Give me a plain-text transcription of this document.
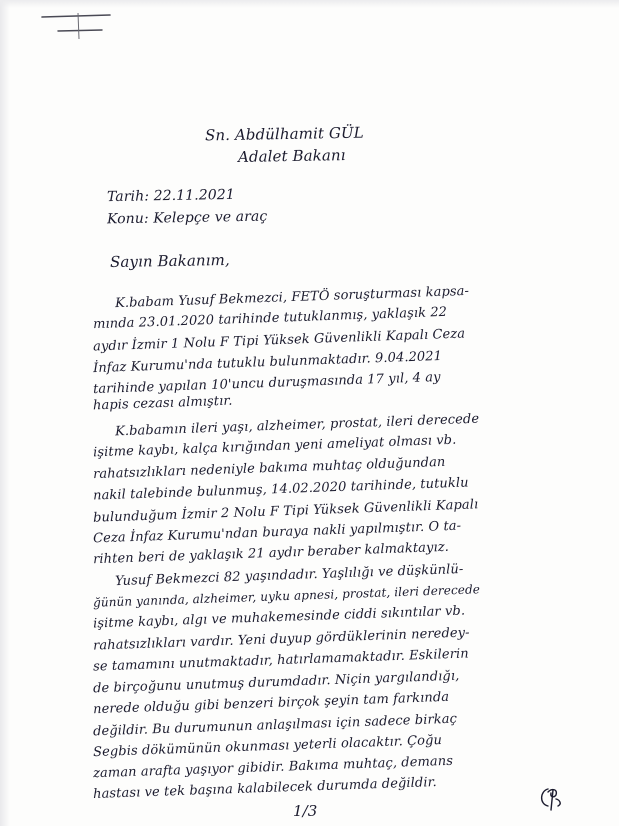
Sn. Abdülhamit GÜL
Adalet Bakanı
Tarih: 22.11.2021
Konu: Kelepçe ve araç
Sayın Bakanım,
K.babam Yusuf Bekmezci, FETÖ soruşturması kapsa-
mında 23.01.2020 tarihinde tutuklanmış, yaklaşık 22
aydır İzmir 1 Nolu F Tipi Yüksek Güvenlikli Kapalı Ceza
İnfaz Kurumu'nda tutuklu bulunmaktadır. 9.04.2021
tarihinde yapılan 10'uncu duruşmasında 17 yıl, 4 ay
hapis cezası almıştır.
K.babamın ileri yaşı, alzheimer, prostat, ileri derecede
işitme kaybı, kalça kırığından yeni ameliyat olması vb.
rahatsızlıkları nedeniyle bakıma muhtaç olduğundan
nakil talebinde bulunmuş, 14.02.2020 tarihinde, tutuklu
bulunduğum İzmir 2 Nolu F Tipi Yüksek Güvenlikli Kapalı
Ceza İnfaz Kurumu'ndan buraya nakli yapılmıştır. O ta-
rihten beri de yaklaşık 21 aydır beraber kalmaktayız.
Yusuf Bekmezci 82 yaşındadır. Yaşlılığı ve düşkünlü-
ğünün yanında, alzheimer, uyku apnesi, prostat, ileri derecede
işitme kaybı, algı ve muhakemesinde ciddi sıkıntılar vb.
rahatsızlıkları vardır. Yeni duyup gördüklerinin neredey-
se tamamını unutmaktadır, hatırlamamaktadır. Eskilerin
de birçoğunu unutmuş durumdadır. Niçin yargılandığı,
nerede olduğu gibi benzeri birçok şeyin tam farkında
değildir. Bu durumunun anlaşılması için sadece birkaç
Segbis dökümünün okunması yeterli olacaktır. Çoğu
zaman arafta yaşıyor gibidir. Bakıma muhtaç, demans
hastası ve tek başına kalabilecek durumda değildir.
1/3
